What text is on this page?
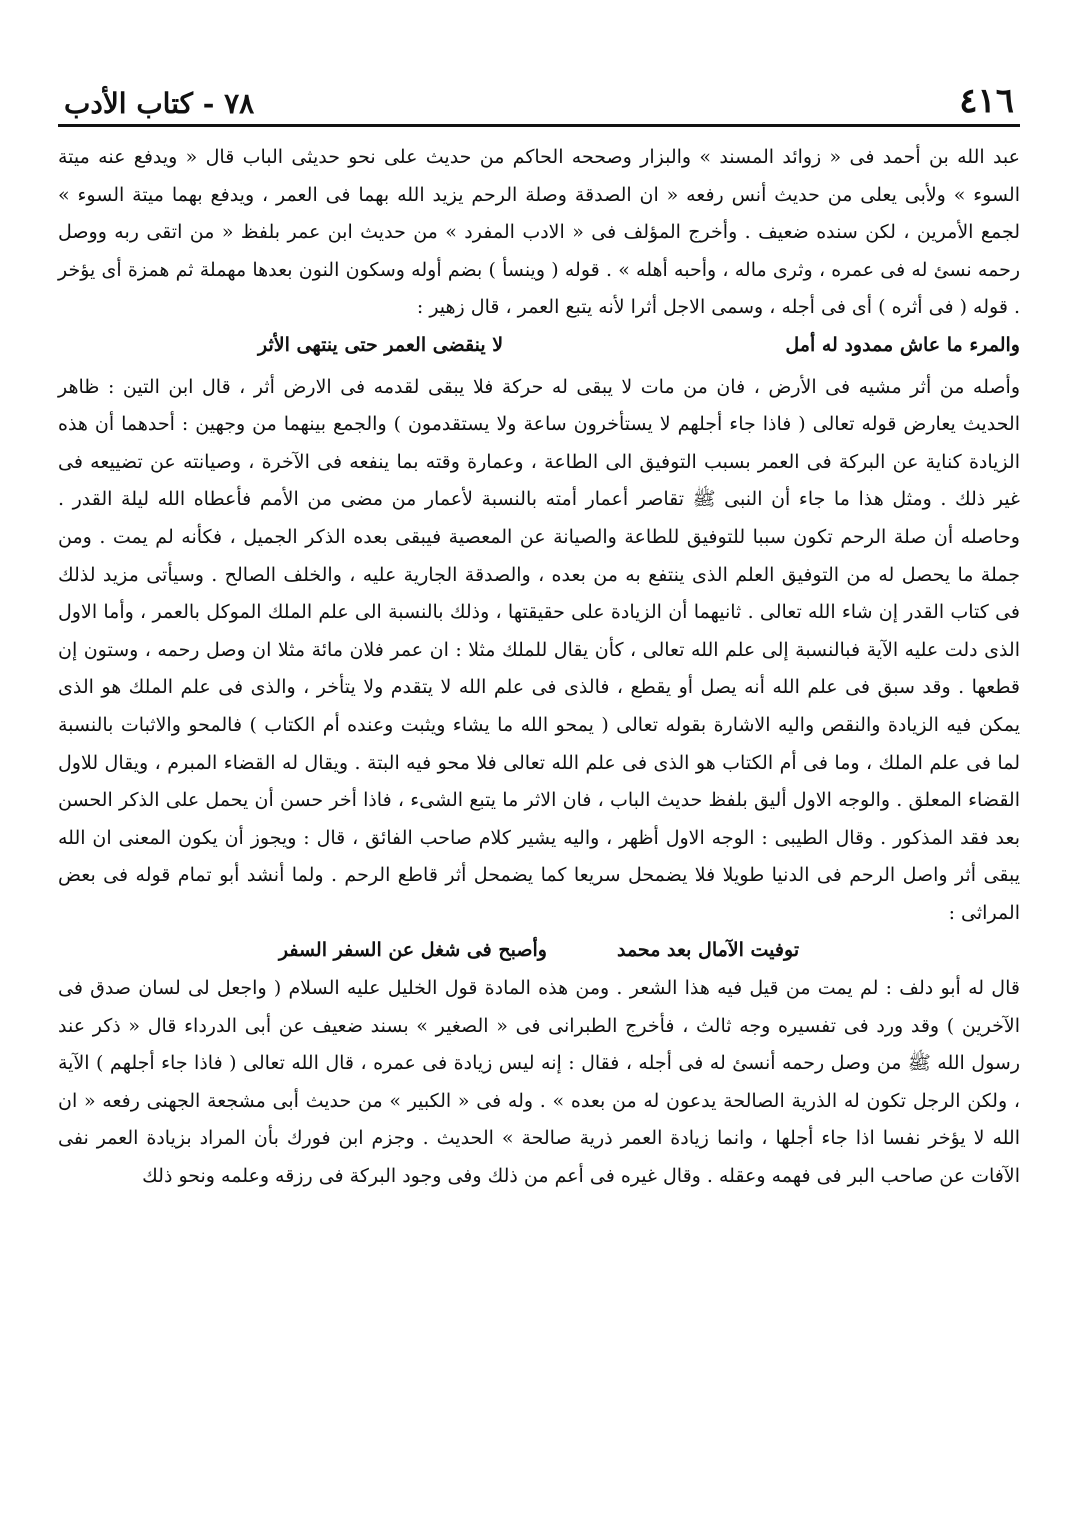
٤١٦
٧٨ - كتاب الأدب

عبد الله بن أحمد فى « زوائد المسند » والبزار وصححه الحاكم من حديث على نحو حديثى الباب قال « ويدفع عنه ميتة السوء » ولأبى يعلى من حديث أنس رفعه « ان الصدقة وصلة الرحم يزيد الله بهما فى العمر ، ويدفع بهما ميتة السوء » لجمع الأمرين ، لكن سنده ضعيف . وأخرج المؤلف فى « الادب المفرد » من حديث ابن عمر بلفظ « من اتقى ربه ووصل رحمه نسئ له فى عمره ، وثرى ماله ، وأحبه أهله » . قوله ( وينسأ ) بضم أوله وسكون النون بعدها مهملة ثم همزة أى يؤخر . قوله ( فى أثره ) أى فى أجله ، وسمى الاجل أثرا لأنه يتبع العمر ، قال زهير :

والمرء ما عاش ممدود له أمل
لا ينقضى العمر حتى ينتهى الأثر

وأصله من أثر مشيه فى الأرض ، فان من مات لا يبقى له حركة فلا يبقى لقدمه فى الارض أثر ، قال ابن التين : ظاهر الحديث يعارض قوله تعالى ( فاذا جاء أجلهم لا يستأخرون ساعة ولا يستقدمون ) والجمع بينهما من وجهين : أحدهما أن هذه الزيادة كناية عن البركة فى العمر بسبب التوفيق الى الطاعة ، وعمارة وقته بما ينفعه فى الآخرة ، وصيانته عن تضييعه فى غير ذلك . ومثل هذا ما جاء أن النبى ﷺ تقاصر أعمار أمته بالنسبة لأعمار من مضى من الأمم فأعطاه الله ليلة القدر . وحاصله أن صلة الرحم تكون سببا للتوفيق للطاعة والصيانة عن المعصية فيبقى بعده الذكر الجميل ، فكأنه لم يمت . ومن جملة ما يحصل له من التوفيق العلم الذى ينتفع به من بعده ، والصدقة الجارية عليه ، والخلف الصالح . وسيأتى مزيد لذلك فى كتاب القدر إن شاء الله تعالى . ثانيهما أن الزيادة على حقيقتها ، وذلك بالنسبة الى علم الملك الموكل بالعمر ، وأما الاول الذى دلت عليه الآية فبالنسبة إلى علم الله تعالى ، كأن يقال للملك مثلا : ان عمر فلان مائة مثلا ان وصل رحمه ، وستون إن قطعها . وقد سبق فى علم الله أنه يصل أو يقطع ، فالذى فى علم الله لا يتقدم ولا يتأخر ، والذى فى علم الملك هو الذى يمكن فيه الزيادة والنقص واليه الاشارة بقوله تعالى ( يمحو الله ما يشاء ويثبت وعنده أم الكتاب ) فالمحو والاثبات بالنسبة لما فى علم الملك ، وما فى أم الكتاب هو الذى فى علم الله تعالى فلا محو فيه البتة . ويقال له القضاء المبرم ، ويقال للاول القضاء المعلق . والوجه الاول أليق بلفظ حديث الباب ، فان الاثر ما يتبع الشىء ، فاذا أخر حسن أن يحمل على الذكر الحسن بعد فقد المذكور . وقال الطيبى : الوجه الاول أظهر ، واليه يشير كلام صاحب الفائق ، قال : ويجوز أن يكون المعنى ان الله يبقى أثر واصل الرحم فى الدنيا طويلا فلا يضمحل سريعا كما يضمحل أثر قاطع الرحم . ولما أنشد أبو تمام قوله فى بعض المراثى :

توفيت الآمال بعد محمد
وأصبح فى شغل عن السفر السفر

قال له أبو دلف : لم يمت من قيل فيه هذا الشعر . ومن هذه المادة قول الخليل عليه السلام ( واجعل لى لسان صدق فى الآخرين ) وقد ورد فى تفسيره وجه ثالث ، فأخرج الطبرانى فى « الصغير » بسند ضعيف عن أبى الدرداء قال « ذكر عند رسول الله ﷺ من وصل رحمه أنسئ له فى أجله ، فقال : إنه ليس زيادة فى عمره ، قال الله تعالى ( فاذا جاء أجلهم ) الآية ، ولكن الرجل تكون له الذرية الصالحة يدعون له من بعده » . وله فى « الكبير » من حديث أبى مشجعة الجهنى رفعه « ان الله لا يؤخر نفسا اذا جاء أجلها ، وانما زيادة العمر ذرية صالحة » الحديث . وجزم ابن فورك بأن المراد بزيادة العمر نفى الآفات عن صاحب البر فى فهمه وعقله . وقال غيره فى أعم من ذلك وفى وجود البركة فى رزقه وعلمه ونحو ذلك
